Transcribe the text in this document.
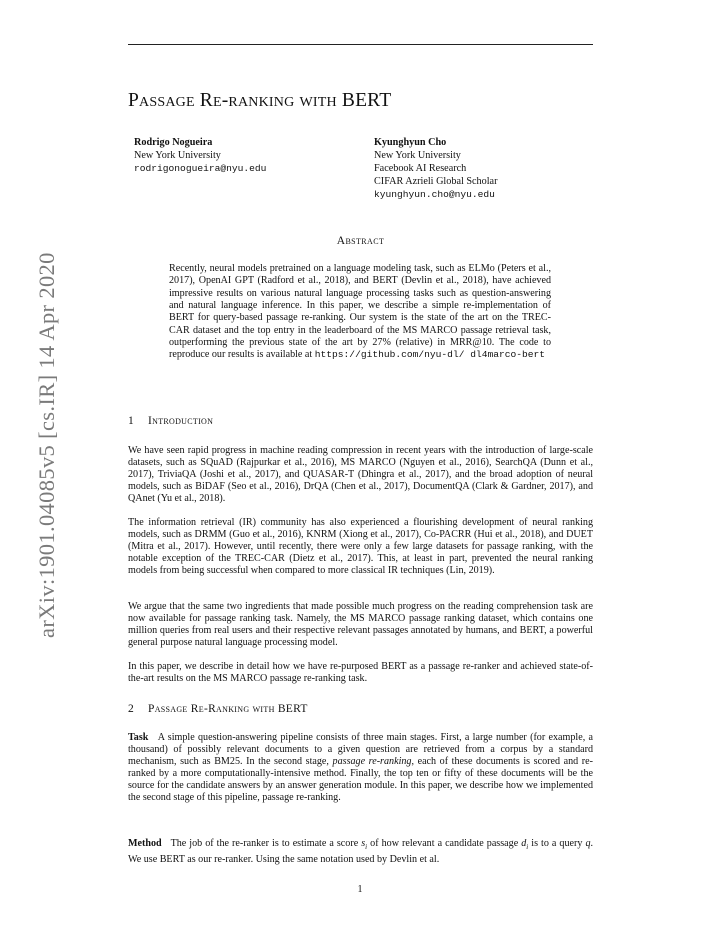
arXiv:1901.04085v5 [cs.IR] 14 Apr 2020
Passage Re-ranking with BERT
Rodrigo Nogueira
New York University
rodrigonogueira@nyu.edu
Kyunghyun Cho
New York University
Facebook AI Research
CIFAR Azrieli Global Scholar
kyunghyun.cho@nyu.edu
Abstract

Recently, neural models pretrained on a language modeling task, such as ELMo (Peters et al., 2017), OpenAI GPT (Radford et al., 2018), and BERT (Devlin et al., 2018), have achieved impressive results on various natural language processing tasks such as question-answering and natural language inference. In this paper, we describe a simple re-implementation of BERT for query-based passage re-ranking. Our system is the state of the art on the TREC-CAR dataset and the top entry in the leaderboard of the MS MARCO passage retrieval task, outperforming the previous state of the art by 27% (relative) in MRR@10. The code to reproduce our results is available at https://github.com/nyu-dl/ dl4marco-bert

1 Introduction

We have seen rapid progress in machine reading compression in recent years with the introduction of large-scale datasets, such as SQuAD (Rajpurkar et al., 2016), MS MARCO (Nguyen et al., 2016), SearchQA (Dunn et al., 2017), TriviaQA (Joshi et al., 2017), and QUASAR-T (Dhingra et al., 2017), and the broad adoption of neural models, such as BiDAF (Seo et al., 2016), DrQA (Chen et al., 2017), DocumentQA (Clark & Gardner, 2017), and QAnet (Yu et al., 2018).

The information retrieval (IR) community has also experienced a flourishing development of neural ranking models, such as DRMM (Guo et al., 2016), KNRM (Xiong et al., 2017), Co-PACRR (Hui et al., 2018), and DUET (Mitra et al., 2017). However, until recently, there were only a few large datasets for passage ranking, with the notable exception of the TREC-CAR (Dietz et al., 2017). This, at least in part, prevented the neural ranking models from being successful when compared to more classical IR techniques (Lin, 2019).

We argue that the same two ingredients that made possible much progress on the reading comprehension task are now available for passage ranking task. Namely, the MS MARCO passage ranking dataset, which contains one million queries from real users and their respective relevant passages annotated by humans, and BERT, a powerful general purpose natural language processing model.

In this paper, we describe in detail how we have re-purposed BERT as a passage re-ranker and achieved state-of-the-art results on the MS MARCO passage re-ranking task.

2 Passage Re-Ranking with BERT

Task A simple question-answering pipeline consists of three main stages. First, a large number (for example, a thousand) of possibly relevant documents to a given question are retrieved from a corpus by a standard mechanism, such as BM25. In the second stage, passage re-ranking, each of these documents is scored and re-ranked by a more computationally-intensive method. Finally, the top ten or fifty of these documents will be the source for the candidate answers by an answer generation module. In this paper, we describe how we implemented the second stage of this pipeline, passage re-ranking.

Method The job of the re-ranker is to estimate a score $s_i$ of how relevant a candidate passage $d_i$ is to a query q. We use BERT as our re-ranker. Using the same notation used by Devlin et al.

1
